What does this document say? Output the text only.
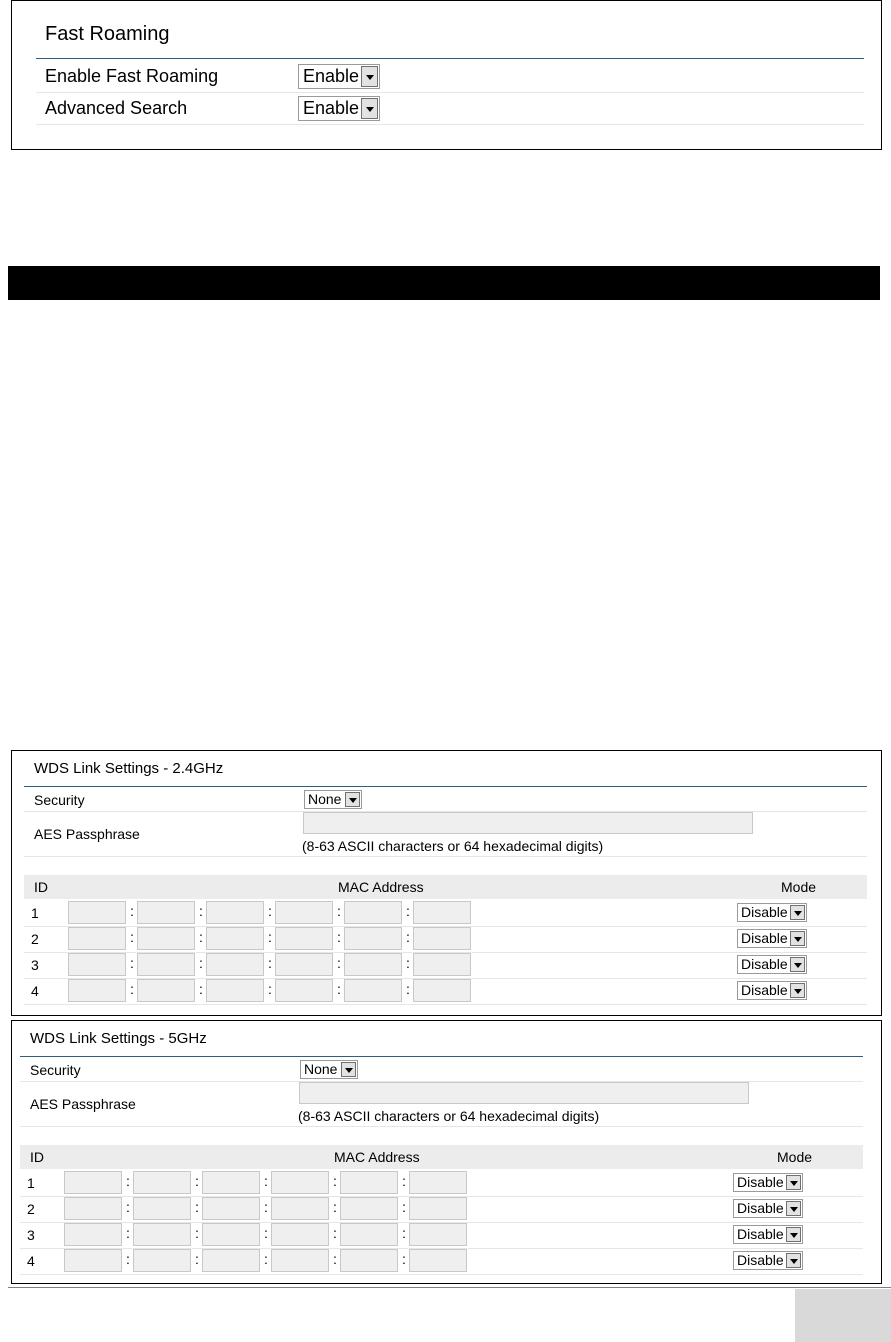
Fast Roaming
Enable Fast Roaming	Enable
Advanced Search	Enable
WDS Link Settings - 2.4GHz
Security	None
AES Passphrase
(8-63 ASCII characters or 64 hexadecimal digits)
ID	MAC Address	Mode
1	:	:	:	:	:	Disable
2	:	:	:	:	:	Disable
3	:	:	:	:	:	Disable
4	:	:	:	:	:	Disable
WDS Link Settings - 5GHz
Security	None
AES Passphrase
(8-63 ASCII characters or 64 hexadecimal digits)
ID	MAC Address	Mode
1	:	:	:	:	:	Disable
2	:	:	:	:	:	Disable
3	:	:	:	:	:	Disable
4	:	:	:	:	:	Disable
